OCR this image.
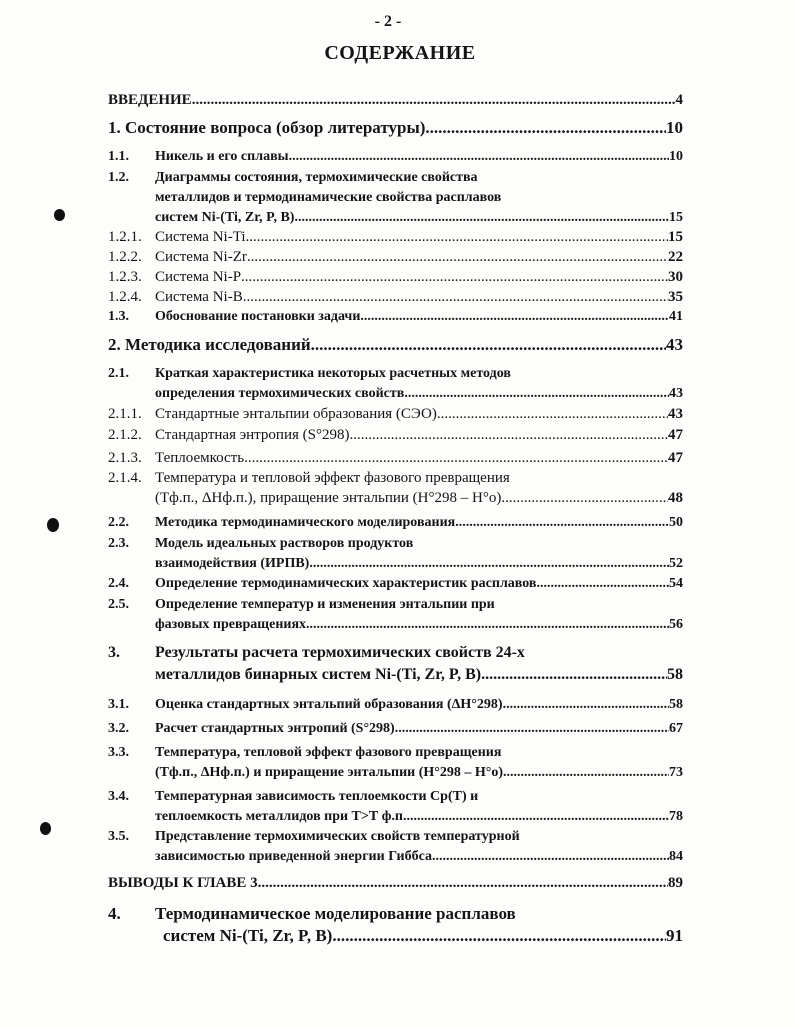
- 2 -
СОДЕРЖАНИЕ
ВВЕДЕНИЕ .....	4
1. Состояние вопроса (обзор литературы) .....	10
1.1. Никель и его сплавы .....	10
1.2. Диаграммы состояния, термохимические свойства
металлидов и термодинамические свойства расплавов
систем Ni-(Ti, Zr, P, B) .....	15
1.2.1. Система Ni-Ti .....	15
1.2.2. Система Ni-Zr .....	22
1.2.3. Система Ni-P .....	30
1.2.4. Система Ni-B .....	35
1.3. Обоснование постановки задачи .....	41
2. Методика исследований .....	43
2.1. Краткая характеристика некоторых расчетных методов
определения термохимических свойств .....	43
2.1.1. Стандартные энтальпии образования (СЭО) .....	43
2.1.2. Стандартная энтропия (S°298) .....	47
2.1.3. Теплоемкость .....	47
2.1.4. Температура и тепловой эффект фазового превращения
(Тф.п., ΔНф.п.), приращение энтальпии (Н°298 – Н°о) .....	48
2.2. Методика термодинамического моделирования .....	50
2.3. Модель идеальных растворов продуктов
взаимодействия (ИРПВ) .....	52
2.4. Определение термодинамических характеристик расплавов .....	54
2.5. Определение температур и изменения энтальпии при
фазовых превращениях .....	56
3. Результаты расчета термохимических свойств 24-х
металлидов бинарных систем Ni-(Ti, Zr, P, B) .....	58
3.1. Оценка стандартных энтальпий образования (ΔН°298) .....	58
3.2. Расчет стандартных энтропий (S°298) .....	67
3.3. Температура, тепловой эффект фазового превращения
(Тф.п., ΔНф.п.) и приращение энтальпии (Н°298 – Н°о) .....	73
3.4. Температурная зависимость теплоемкости Ср(Т) и
теплоемкость металлидов при Т>Т ф.п .....	78
3.5. Представление термохимических свойств температурной
зависимостью приведенной энергии Гиббса .....	84
ВЫВОДЫ К ГЛАВЕ 3 .....	89
4. Термодинамическое моделирование расплавов
систем Ni-(Ti, Zr, P, B) .....	91
